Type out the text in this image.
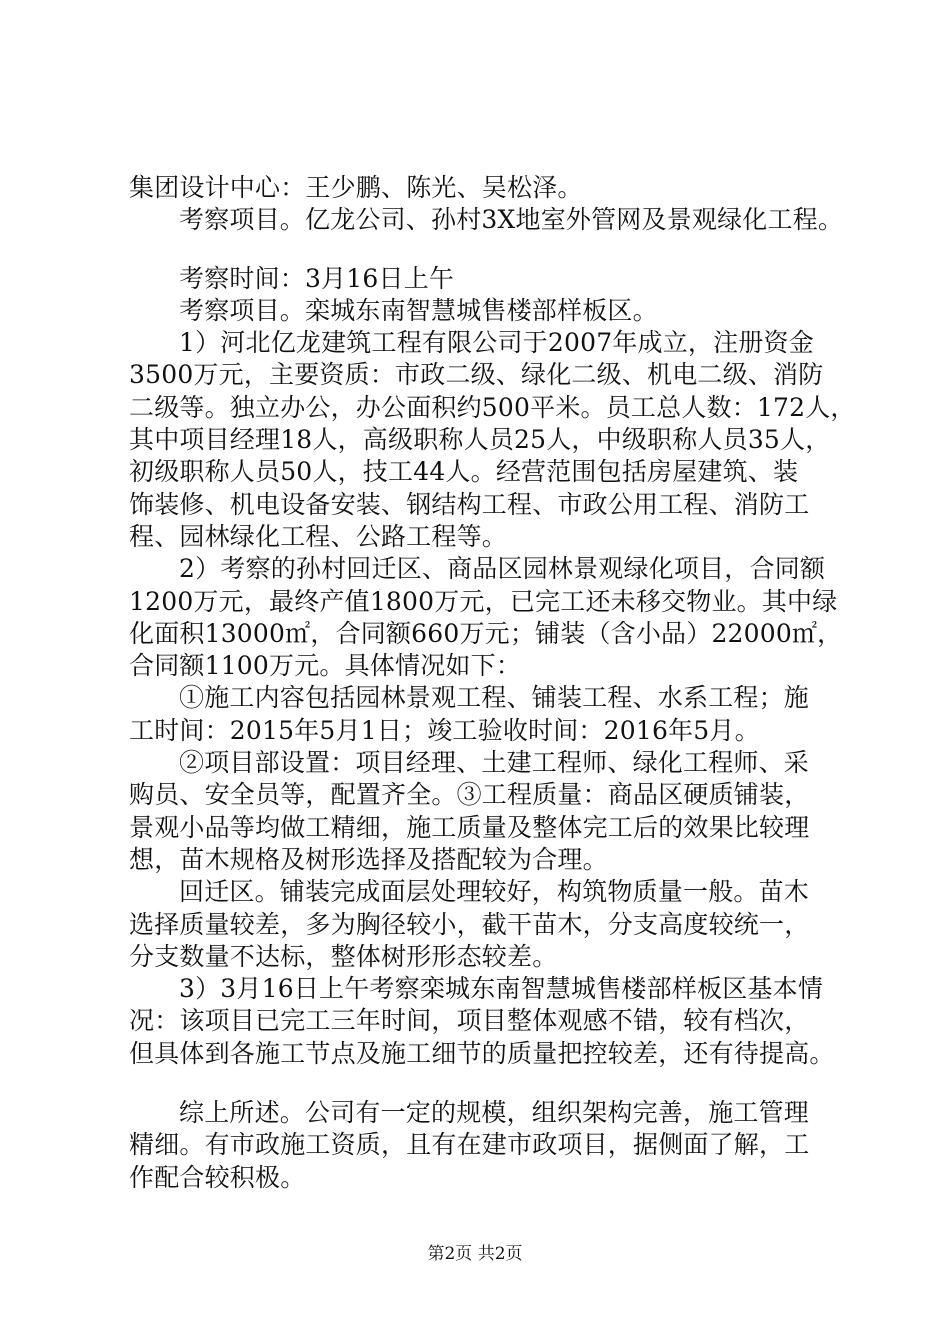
集团设计中心：王少鹏、陈光、吴松泽。
考察项目。亿龙公司、孙村3X地室外管网及景观绿化工程。
考察时间：3月16日上午
考察项目。栾城东南智慧城售楼部样板区。
1）河北亿龙建筑工程有限公司于2007年成立，注册资金
3500万元，主要资质：市政二级、绿化二级、机电二级、消防
二级等。独立办公，办公面积约500平米。员工总人数：172人，
其中项目经理18人，高级职称人员25人，中级职称人员35人，
初级职称人员50人，技工44人。经营范围包括房屋建筑、装
饰装修、机电设备安装、钢结构工程、市政公用工程、消防工
程、园林绿化工程、公路工程等。
2）考察的孙村回迁区、商品区园林景观绿化项目，合同额
1200万元，最终产值1800万元，已完工还未移交物业。其中绿
化面积13000㎡，合同额660万元；铺装（含小品）22000㎡，
合同额1100万元。具体情况如下：
①施工内容包括园林景观工程、铺装工程、水系工程；施
工时间：2015年5月1日；竣工验收时间：2016年5月。
②项目部设置：项目经理、土建工程师、绿化工程师、采
购员、安全员等，配置齐全。③工程质量：商品区硬质铺装，
景观小品等均做工精细，施工质量及整体完工后的效果比较理
想，苗木规格及树形选择及搭配较为合理。
回迁区。铺装完成面层处理较好，构筑物质量一般。苗木
选择质量较差，多为胸径较小，截干苗木，分支高度较统一，
分支数量不达标，整体树形形态较差。
3）3月16日上午考察栾城东南智慧城售楼部样板区基本情
况：该项目已完工三年时间，项目整体观感不错，较有档次，
但具体到各施工节点及施工细节的质量把控较差，还有待提高。
综上所述。公司有一定的规模，组织架构完善，施工管理
精细。有市政施工资质，且有在建市政项目，据侧面了解，工
作配合较积极。
第2页 共2页
